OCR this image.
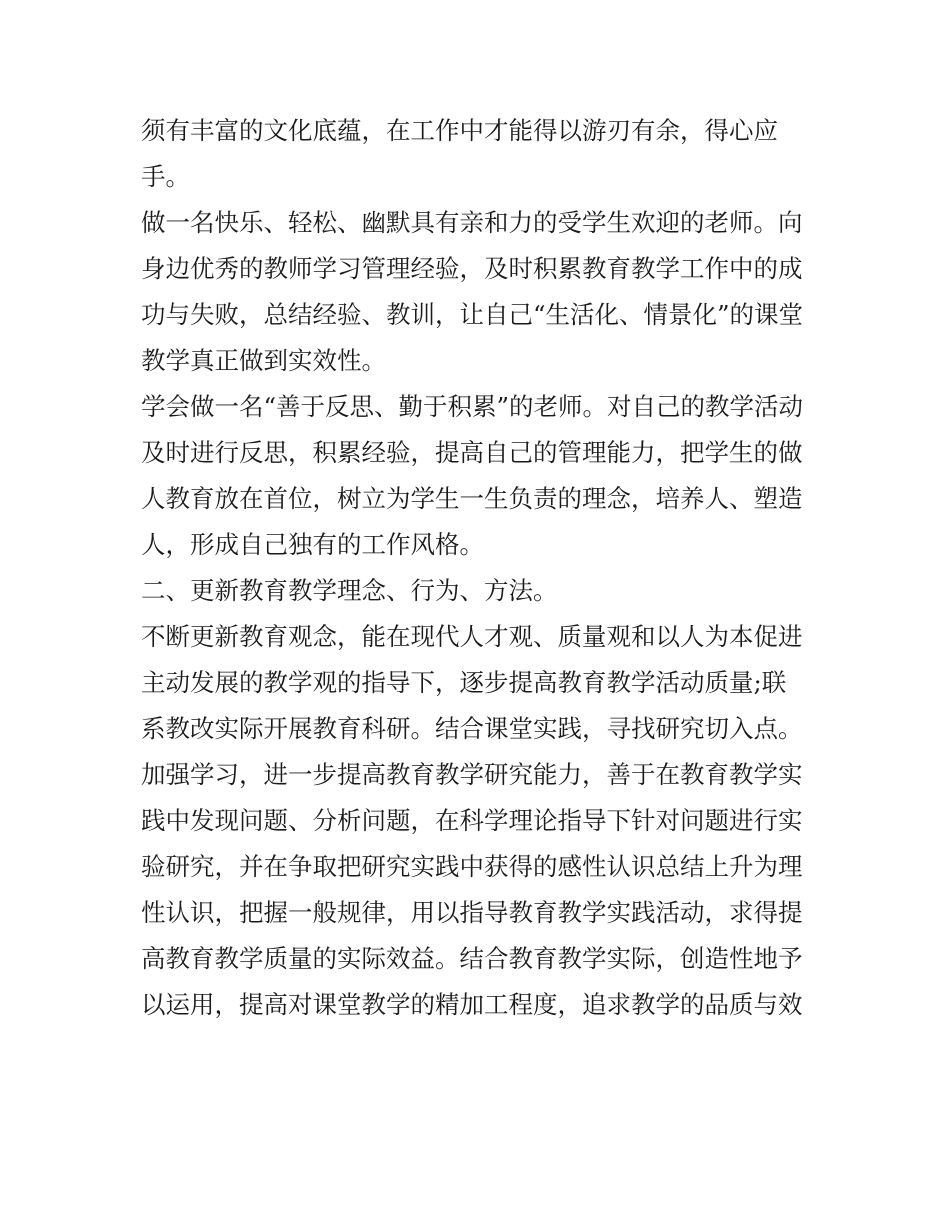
须有丰富的文化底蕴，在工作中才能得以游刃有余，得心应
手。
做一名快乐、轻松、幽默具有亲和力的受学生欢迎的老师。向
身边优秀的教师学习管理经验，及时积累教育教学工作中的成
功与失败，总结经验、教训，让自己“生活化、情景化”的课堂
教学真正做到实效性。
学会做一名“善于反思、勤于积累”的老师。对自己的教学活动
及时进行反思，积累经验，提高自己的管理能力，把学生的做
人教育放在首位，树立为学生一生负责的理念，培养人、塑造
人，形成自己独有的工作风格。
二、更新教育教学理念、行为、方法。
不断更新教育观念，能在现代人才观、质量观和以人为本促进
主动发展的教学观的指导下，逐步提高教育教学活动质量;联
系教改实际开展教育科研。结合课堂实践，寻找研究切入点。
加强学习，进一步提高教育教学研究能力，善于在教育教学实
践中发现问题、分析问题，在科学理论指导下针对问题进行实
验研究，并在争取把研究实践中获得的感性认识总结上升为理
性认识，把握一般规律，用以指导教育教学实践活动，求得提
高教育教学质量的实际效益。结合教育教学实际，创造性地予
以运用，提高对课堂教学的精加工程度，追求教学的品质与效
